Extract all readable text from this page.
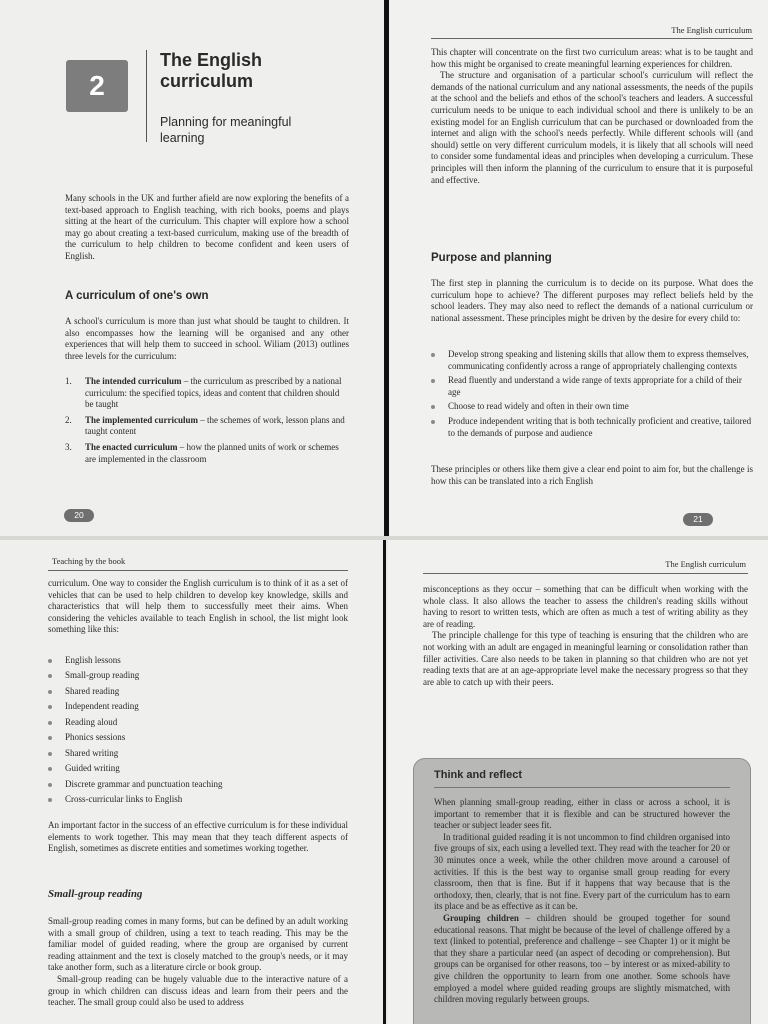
2
The English curriculum
Planning for meaningful learning

Many schools in the UK and further afield are now exploring the benefits of a text-based approach to English teaching, with rich books, poems and plays sitting at the heart of the curriculum. This chapter will explore how a school may go about creating a text-based curriculum, making use of the breadth of the curriculum to help children to become confident and keen users of English.

A curriculum of one's own

A school's curriculum is more than just what should be taught to children. It also encompasses how the learning will be organised and any other experiences that will help them to succeed in school. Wiliam (2013) outlines three levels for the curriculum:

1. The intended curriculum – the curriculum as prescribed by a national curriculum: the specified topics, ideas and content that children should be taught
2. The implemented curriculum – the schemes of work, lesson plans and taught content
3. The enacted curriculum – how the planned units of work or schemes are implemented in the classroom
20
The English curriculum

This chapter will concentrate on the first two curriculum areas: what is to be taught and how this might be organised to create meaningful learning experiences for children.

The structure and organisation of a particular school's curriculum will reflect the demands of the national curriculum and any national assessments, the needs of the pupils at the school and the beliefs and ethos of the school's teachers and leaders. A successful curriculum needs to be unique to each individual school and there is unlikely to be an existing model for an English curriculum that can be purchased or downloaded from the internet and align with the school's needs perfectly. While different schools will (and should) settle on very different curriculum models, it is likely that all schools will need to consider some fundamental ideas and principles when developing a curriculum. These principles will then inform the planning of the curriculum to ensure that it is purposeful and effective.

Purpose and planning

The first step in planning the curriculum is to decide on its purpose. What does the curriculum hope to achieve? The different purposes may reflect beliefs held by the school leaders. They may also need to reflect the demands of a national curriculum or national assessment. These principles might be driven by the desire for every child to:

Develop strong speaking and listening skills that allow them to express themselves, communicating confidently across a range of appropriately challenging contexts
Read fluently and understand a wide range of texts appropriate for a child of their age
Choose to read widely and often in their own time
Produce independent writing that is both technically proficient and creative, tailored to the demands of purpose and audience

These principles or others like them give a clear end point to aim for, but the challenge is how this can be translated into a rich English

21
Teaching by the book

curriculum. One way to consider the English curriculum is to think of it as a set of vehicles that can be used to help children to develop key knowledge, skills and characteristics that will help them to successfully meet their aims. When considering the vehicles available to teach English in school, the list might look something like this:

English lessons
Small-group reading
Shared reading
Independent reading
Reading aloud
Phonics sessions
Shared writing
Guided writing
Discrete grammar and punctuation teaching
Cross-curricular links to English

An important factor in the success of an effective curriculum is for these individual elements to work together. This may mean that they teach different aspects of English, sometimes as discrete entities and sometimes working together.

Small-group reading

Small-group reading comes in many forms, but can be defined by an adult working with a small group of children, using a text to teach reading. This may be the familiar model of guided reading, where the group are organised by current reading attainment and the text is closely matched to the group's needs, or it may take another form, such as a literature circle or book group.

Small-group reading can be hugely valuable due to the interactive nature of a group in which children can discuss ideas and learn from their peers and the teacher. The small group could also be used to address

The English curriculum

misconceptions as they occur – something that can be difficult when working with the whole class. It also allows the teacher to assess the children's reading skills without having to resort to written tests, which are often as much a test of writing ability as they are of reading.

The principle challenge for this type of teaching is ensuring that the children who are not working with an adult are engaged in meaningful learning or consolidation rather than filler activities. Care also needs to be taken in planning so that children who are not yet reading texts that are at an age-appropriate level make the necessary progress so that they are able to catch up with their peers.

Think and reflect

When planning small-group reading, either in class or across a school, it is important to remember that it is flexible and can be structured however the teacher or subject leader sees fit.

In traditional guided reading it is not uncommon to find children organised into five groups of six, each using a levelled text. They read with the teacher for 20 or 30 minutes once a week, while the other children move around a carousel of activities. If this is the best way to organise small group reading for every classroom, then that is fine. But if it happens that way because that is the orthodoxy, then, clearly, that is not fine. Every part of the curriculum has to earn its place and be as effective as it can be.

Grouping children – children should be grouped together for sound educational reasons. That might be because of the level of challenge offered by a text (linked to potential, preference and challenge – see Chapter 1) or it might be that they share a particular need (an aspect of decoding or comprehension). But groups can be organised for other reasons, too – by interest or as mixed-ability to give children the opportunity to learn from one another. Some schools have employed a model where guided reading groups are slightly mismatched, with children moving regularly between groups.
